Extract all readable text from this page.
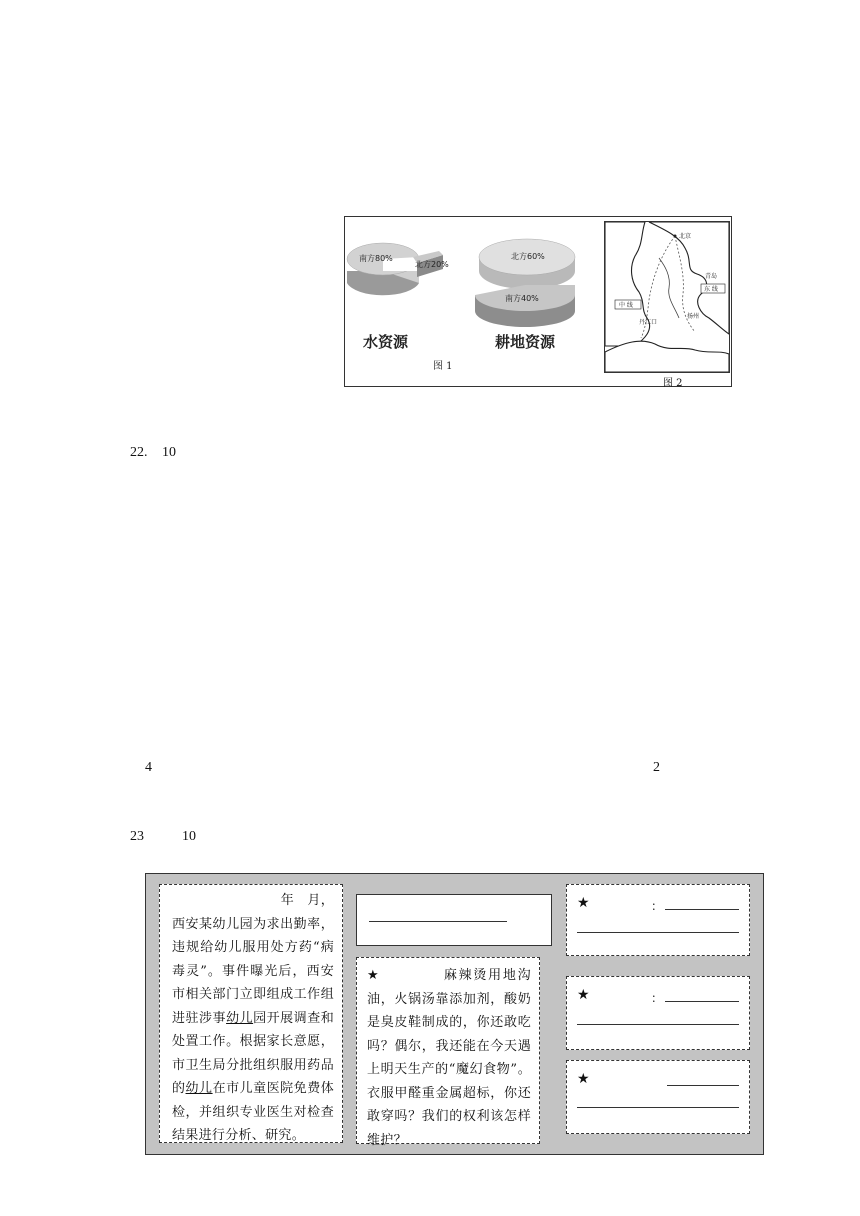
南方80%
北方20%
水资源
北方60%
南方40%
耕地资源
图 1
北京
中 线
东 线
青岛
丹江口
扬州
图 2
22. 10
4	2
23	10
年　月，
西安某幼儿园为求出勤率，违规给幼儿服用处方药“病毒灵”。事件曝光后，西安市相关部门立即组成工作组进驻涉事幼儿园开展调查和处置工作。根据家长意愿，市卫生局分批组织服用药品的幼儿在市儿童医院免费体检，并组织专业医生对检查结果进行分析、研究。
★	麻辣烫用地沟油，火锅汤靠添加剂，酸奶是臭皮鞋制成的，你还敢吃吗？偶尔，我还能在今天遇上明天生产的“魔幻食物”。衣服甲醛重金属超标，你还敢穿吗？我们的权利该怎样维护？
★	：
★	：
★
